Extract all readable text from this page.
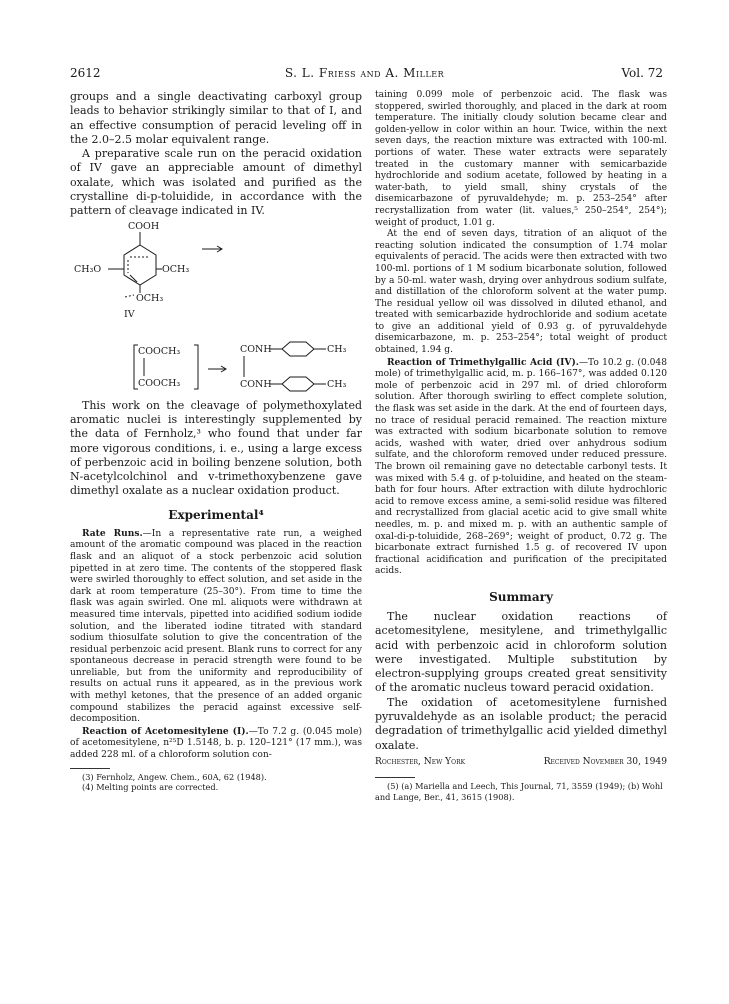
2612	S. L. Friess and A. Miller	Vol. 72

groups and a single deactivating carboxyl group leads to behavior strikingly similar to that of I, and an effective consumption of peracid leveling off in the 2.0–2.5 molar equivalent range.

A preparative scale run on the peracid oxidation of IV gave an appreciable amount of dimethyl oxalate, which was isolated and purified as the crystalline di-p-toluidide, in accordance with the pattern of cleavage indicated in IV.

COOH
CH₃O	OCH₃
OCH₃
IV
COOCH₃
COOCH₃
CONH
CONH
CH₃
CH₃

This work on the cleavage of polymethoxylated aromatic nuclei is interestingly supplemented by the data of Fernholz,³ who found that under far more vigorous conditions, i. e., using a large excess of perbenzoic acid in boiling benzene solution, both N-acetylcolchinol and v-trimethoxybenzene gave dimethyl oxalate as a nuclear oxidation product.

Experimental⁴

Rate Runs.—In a representative rate run, a weighed amount of the aromatic compound was placed in the reaction flask and an aliquot of a stock perbenzoic acid solution pipetted in at zero time. The contents of the stoppered flask were swirled thoroughly to effect solution, and set aside in the dark at room temperature (25–30°). From time to time the flask was again swirled. One ml. aliquots were withdrawn at measured time intervals, pipetted into acidified sodium iodide solution, and the liberated iodine titrated with standard sodium thiosulfate solution to give the concentration of the residual perbenzoic acid present. Blank runs to correct for any spontaneous decrease in peracid strength were found to be unreliable, but from the uniformity and reproducibility of results on actual runs it appeared, as in the previous work with methyl ketones, that the presence of an added organic compound stabilizes the peracid against excessive self-decomposition.

Reaction of Acetomesitylene (I).—To 7.2 g. (0.045 mole) of acetomesitylene, n²⁵D 1.5148, b. p. 120–121° (17 mm.), was added 228 ml. of a chloroform solution con-

(3) Fernholz, Angew. Chem., 60A, 62 (1948).

(4) Melting points are corrected.

taining 0.099 mole of perbenzoic acid. The flask was stoppered, swirled thoroughly, and placed in the dark at room temperature. The initially cloudy solution became clear and golden-yellow in color within an hour. Twice, within the next seven days, the reaction mixture was extracted with 100-ml. portions of water. These water extracts were separately treated in the customary manner with semicarbazide hydrochloride and sodium acetate, followed by heating in a water-bath, to yield small, shiny crystals of the disemicarbazone of pyruvaldehyde; m. p. 253–254° after recrystallization from water (lit. values,⁵ 250–254°, 254°); weight of product, 1.01 g.

At the end of seven days, titration of an aliquot of the reacting solution indicated the consumption of 1.74 molar equivalents of peracid. The acids were then extracted with two 100-ml. portions of 1 M sodium bicarbonate solution, followed by a 50-ml. water wash, drying over anhydrous sodium sulfate, and distillation of the chloroform solvent at the water pump. The residual yellow oil was dissolved in diluted ethanol, and treated with semicarbazide hydrochloride and sodium acetate to give an additional yield of 0.93 g. of pyruvaldehyde disemicarbazone, m. p. 253–254°; total weight of product obtained, 1.94 g.

Reaction of Trimethylgallic Acid (IV).—To 10.2 g. (0.048 mole) of trimethylgallic acid, m. p. 166–167°, was added 0.120 mole of perbenzoic acid in 297 ml. of dried chloroform solution. After thorough swirling to effect complete solution, the flask was set aside in the dark. At the end of fourteen days, no trace of residual peracid remained. The reaction mixture was extracted with sodium bicarbonate solution to remove acids, washed with water, dried over anhydrous sodium sulfate, and the chloroform removed under reduced pressure. The brown oil remaining gave no detectable carbonyl tests. It was mixed with 5.4 g. of p-toluidine, and heated on the steam-bath for four hours. After extraction with dilute hydrochloric acid to remove excess amine, a semi-solid residue was filtered and recrystallized from glacial acetic acid to give small white needles, m. p. and mixed m. p. with an authentic sample of oxal-di-p-toluidide, 268–269°; weight of product, 0.72 g. The bicarbonate extract furnished 1.5 g. of recovered IV upon fractional acidification and purification of the precipitated acids.

Summary

The nuclear oxidation reactions of acetomesitylene, mesitylene, and trimethylgallic acid with perbenzoic acid in chloroform solution were investigated. Multiple substitution by electron-supplying groups created great sensitivity of the aromatic nucleus toward peracid oxidation.

The oxidation of acetomesitylene furnished pyruvaldehyde as an isolable product; the peracid degradation of trimethylgallic acid yielded dimethyl oxalate.

Rochester, New York	Received November 30, 1949

(5) (a) Mariella and Leech, This Journal, 71, 3559 (1949); (b) Wohl and Lange, Ber., 41, 3615 (1908).
